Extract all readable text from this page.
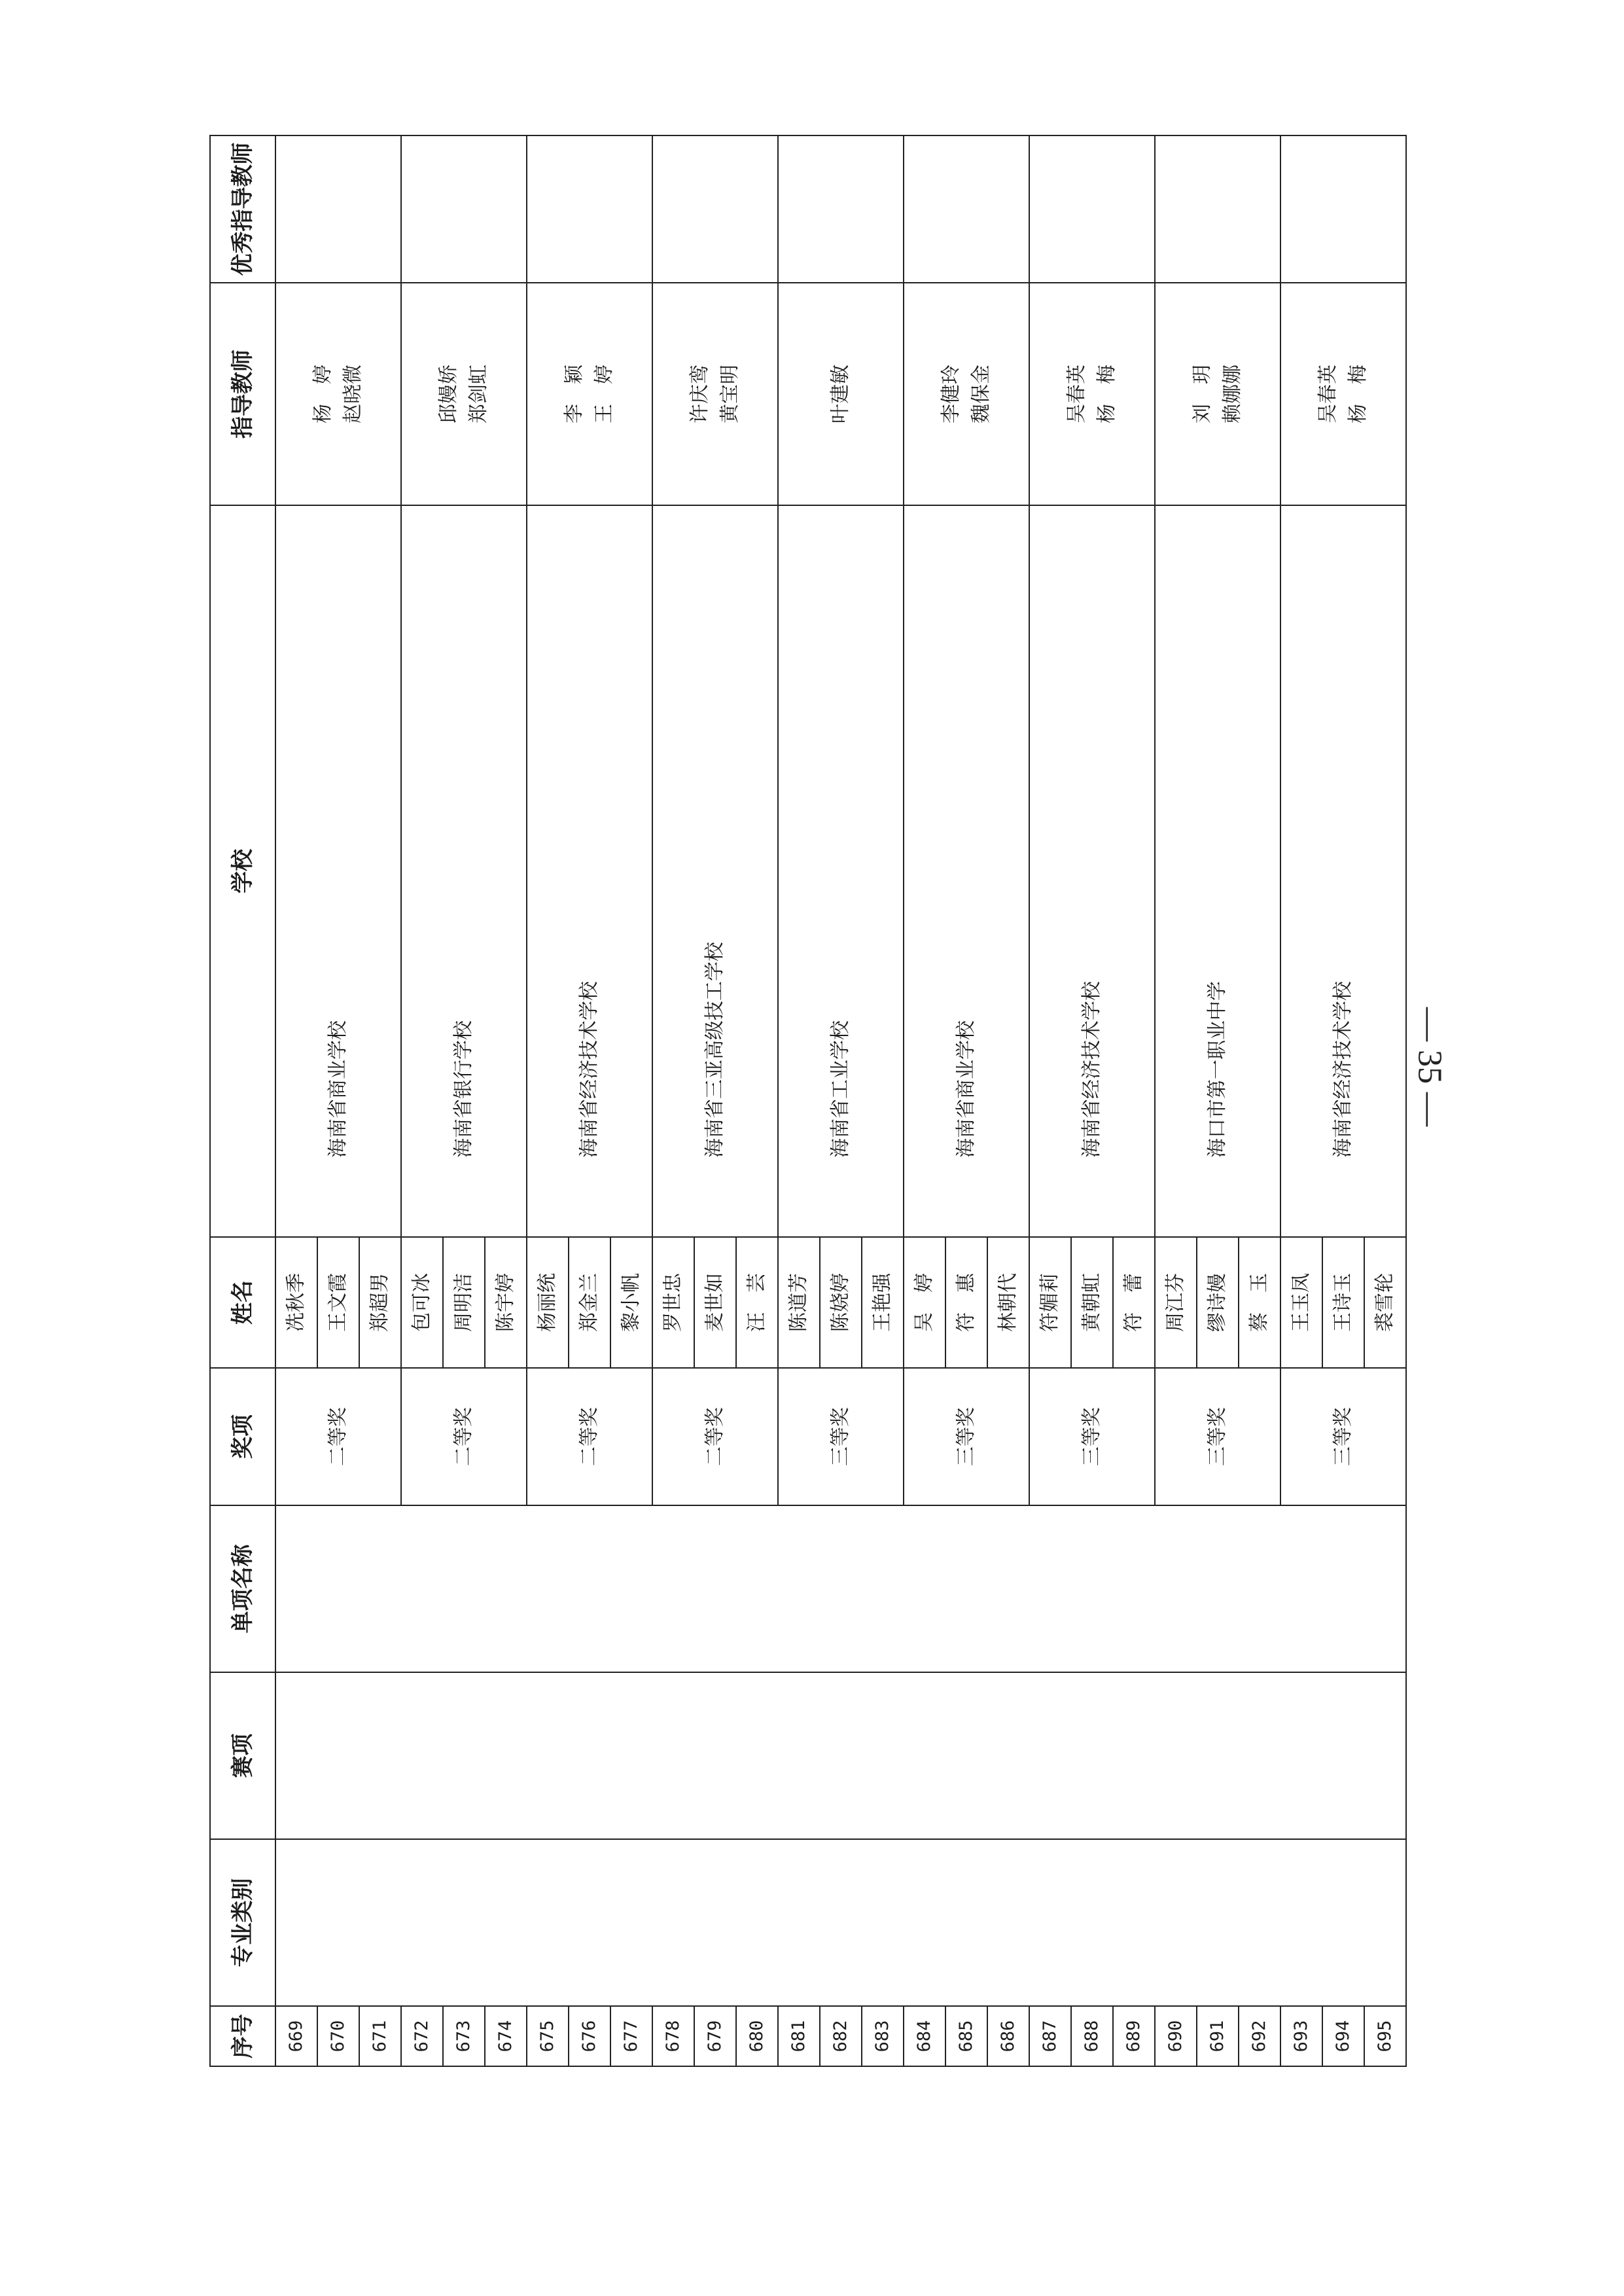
序号	专业类别	赛项	单项名称	奖项	姓名	学校	指导教师	优秀指导教师
669				二等奖	冼秋季	海南省商业学校	杨　婷
赵晓微	
670					王文霞			
671					郑超男			
672				二等奖	包可冰	海南省银行学校	邱嫚娇
郑剑虹	
673					周明洁			
674					陈宇婷			
675				二等奖	杨丽统	海南省经济技术学校	李　颖
王　婷	
676					郑金兰			
677					黎小帆			
678				二等奖	罗世忠	海南省三亚高级技工学校	许庆鸾
黄宝明	
679					麦世如			
680					汪　芸			
681				三等奖	陈道芳	海南省工业学校	叶建敏	
682					陈娆婷			
683					王艳强			
684				三等奖	吴　婷	海南省商业学校	李健玲
魏保金	
685					符　惠			
686					林朝代			
687				三等奖	符媚莉	海南省经济技术学校	吴春英
杨　梅	
688					黄朝虹			
689					符　蕾			
690				三等奖	周江芬	海口市第一职业中学	刘　玥
赖娜娜	
691					缪诗嫚			
692					蔡　玉			
693				三等奖	王玉凤	海南省经济技术学校	吴春英
杨　梅	
694					王诗玉			
695					裘雪轮			
— 35 —
